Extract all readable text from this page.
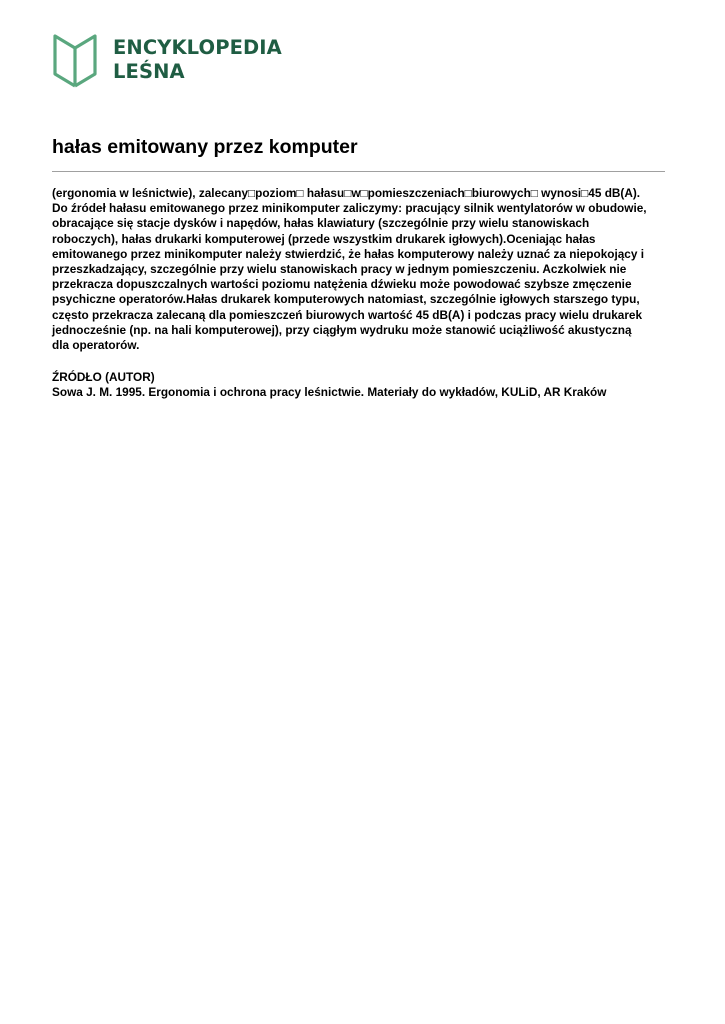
ENCYKLOPEDIA
LEŚNA
hałas emitowany przez komputer

(ergonomia w leśnictwie), zalecany□poziom□ hałasu□w□pomieszczeniach□biurowych□ wynosi□45 dB(A).
Do źródeł hałasu emitowanego przez minikomputer zaliczymy: pracujący silnik wentylatorów w obudowie,
obracające się stacje dysków i napędów, hałas klawiatury (szczególnie przy wielu stanowiskach
roboczych), hałas drukarki komputerowej (przede wszystkim drukarek igłowych).Oceniając hałas
emitowanego przez minikomputer należy stwierdzić, że hałas komputerowy należy uznać za niepokojący i
przeszkadzający, szczególnie przy wielu stanowiskach pracy w jednym pomieszczeniu. Aczkolwiek nie
przekracza dopuszczalnych wartości poziomu natężenia dźwieku może powodować szybsze zmęczenie
psychiczne operatorów.Hałas drukarek komputerowych natomiast, szczególnie igłowych starszego typu,
często przekracza zalecaną dla pomieszczeń biurowych wartość 45 dB(A) i podczas pracy wielu drukarek
jednocześnie (np. na hali komputerowej), przy ciągłym wydruku może stanowić uciążliwość akustyczną
dla operatorów.

ŹRÓDŁO (AUTOR)
Sowa J. M. 1995. Ergonomia i ochrona pracy leśnictwie. Materiały do wykładów, KULiD, AR Kraków
